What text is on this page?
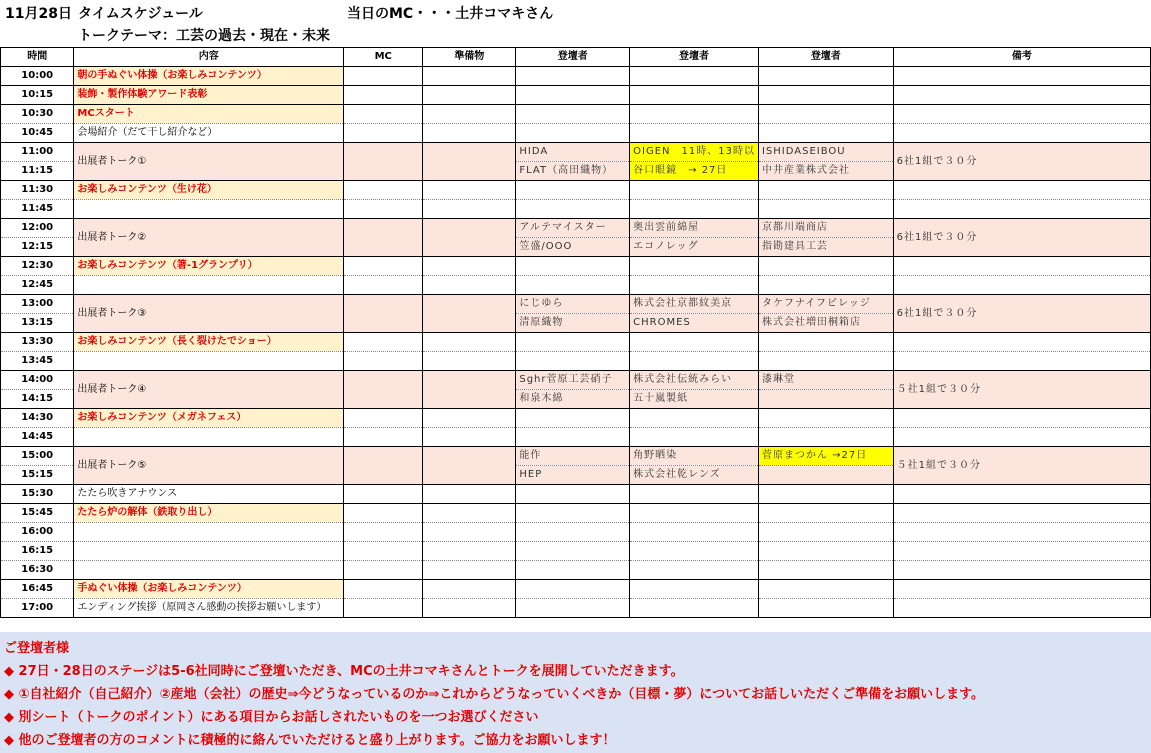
11月28日 タイムスケジュール	当日のMC・・・土井コマキさん
トークテーマ：工芸の過去・現在・未来
時間	内容	MC	準備物	登壇者	登壇者	登壇者	備考
10:00	朝の手ぬぐい体操（お楽しみコンテンツ）						
10:15	装飾・製作体験アワード表彰						
10:30	MCスタート						
10:45	会場紹介（だて干し紹介など）						
11:00	出展者トーク①			HIDA	OIGEN　11時、13時以	ISHIDASEIBOU	6社1組で３０分
11:15				FLAT（高田織物）	谷口眼鏡　→ 27日	中井産業株式会社	
11:30	お楽しみコンテンツ（生け花）						
11:45							
12:00	出展者トーク②			アルテマイスター	奥出雲前綿屋	京都川端商店	6社1組で３０分
12:15				笠盛/OOO	エコノレッグ	指勘建具工芸	
12:30	お楽しみコンテンツ（箸-1グランプリ）						
12:45							
13:00	出展者トーク③			にじゆら	株式会社京都紋美京	タケフナイフビレッジ	6社1組で３０分
13:15				清原織物	CHROMES	株式会社増田桐箱店	
13:30	お楽しみコンテンツ（長く裂けたでショー）						
13:45							
14:00	出展者トーク④			Sghr菅原工芸硝子	株式会社伝統みらい	漆琳堂	５社1組で３０分
14:15				和泉木綿	五十嵐製紙		
14:30	お楽しみコンテンツ（メガネフェス）						
14:45							
15:00	出展者トーク⑤			能作	角野晒染	菅原まつかん →27日	５社1組で３０分
15:15				HEP	株式会社乾レンズ		
15:30	たたら吹きアナウンス						
15:45	たたら炉の解体（鉄取り出し）						
16:00							
16:15							
16:30							
16:45	手ぬぐい体操（お楽しみコンテンツ）						
17:00	エンディング挨拶（原岡さん感動の挨拶お願いします）						
ご登壇者様
◆ 27日・28日のステージは5-6社同時にご登壇いただき、MCの土井コマキさんとトークを展開していただきます。
◆ ①自社紹介（自己紹介）②産地（会社）の歴史⇒今どうなっているのか⇒これからどうなっていくべきか（目標・夢）についてお話しいただくご準備をお願いします。
◆ 別シート（トークのポイント）にある項目からお話しされたいものを一つお選びください
◆ 他のご登壇者の方のコメントに積極的に絡んでいただけると盛り上がります。ご協力をお願いします！
